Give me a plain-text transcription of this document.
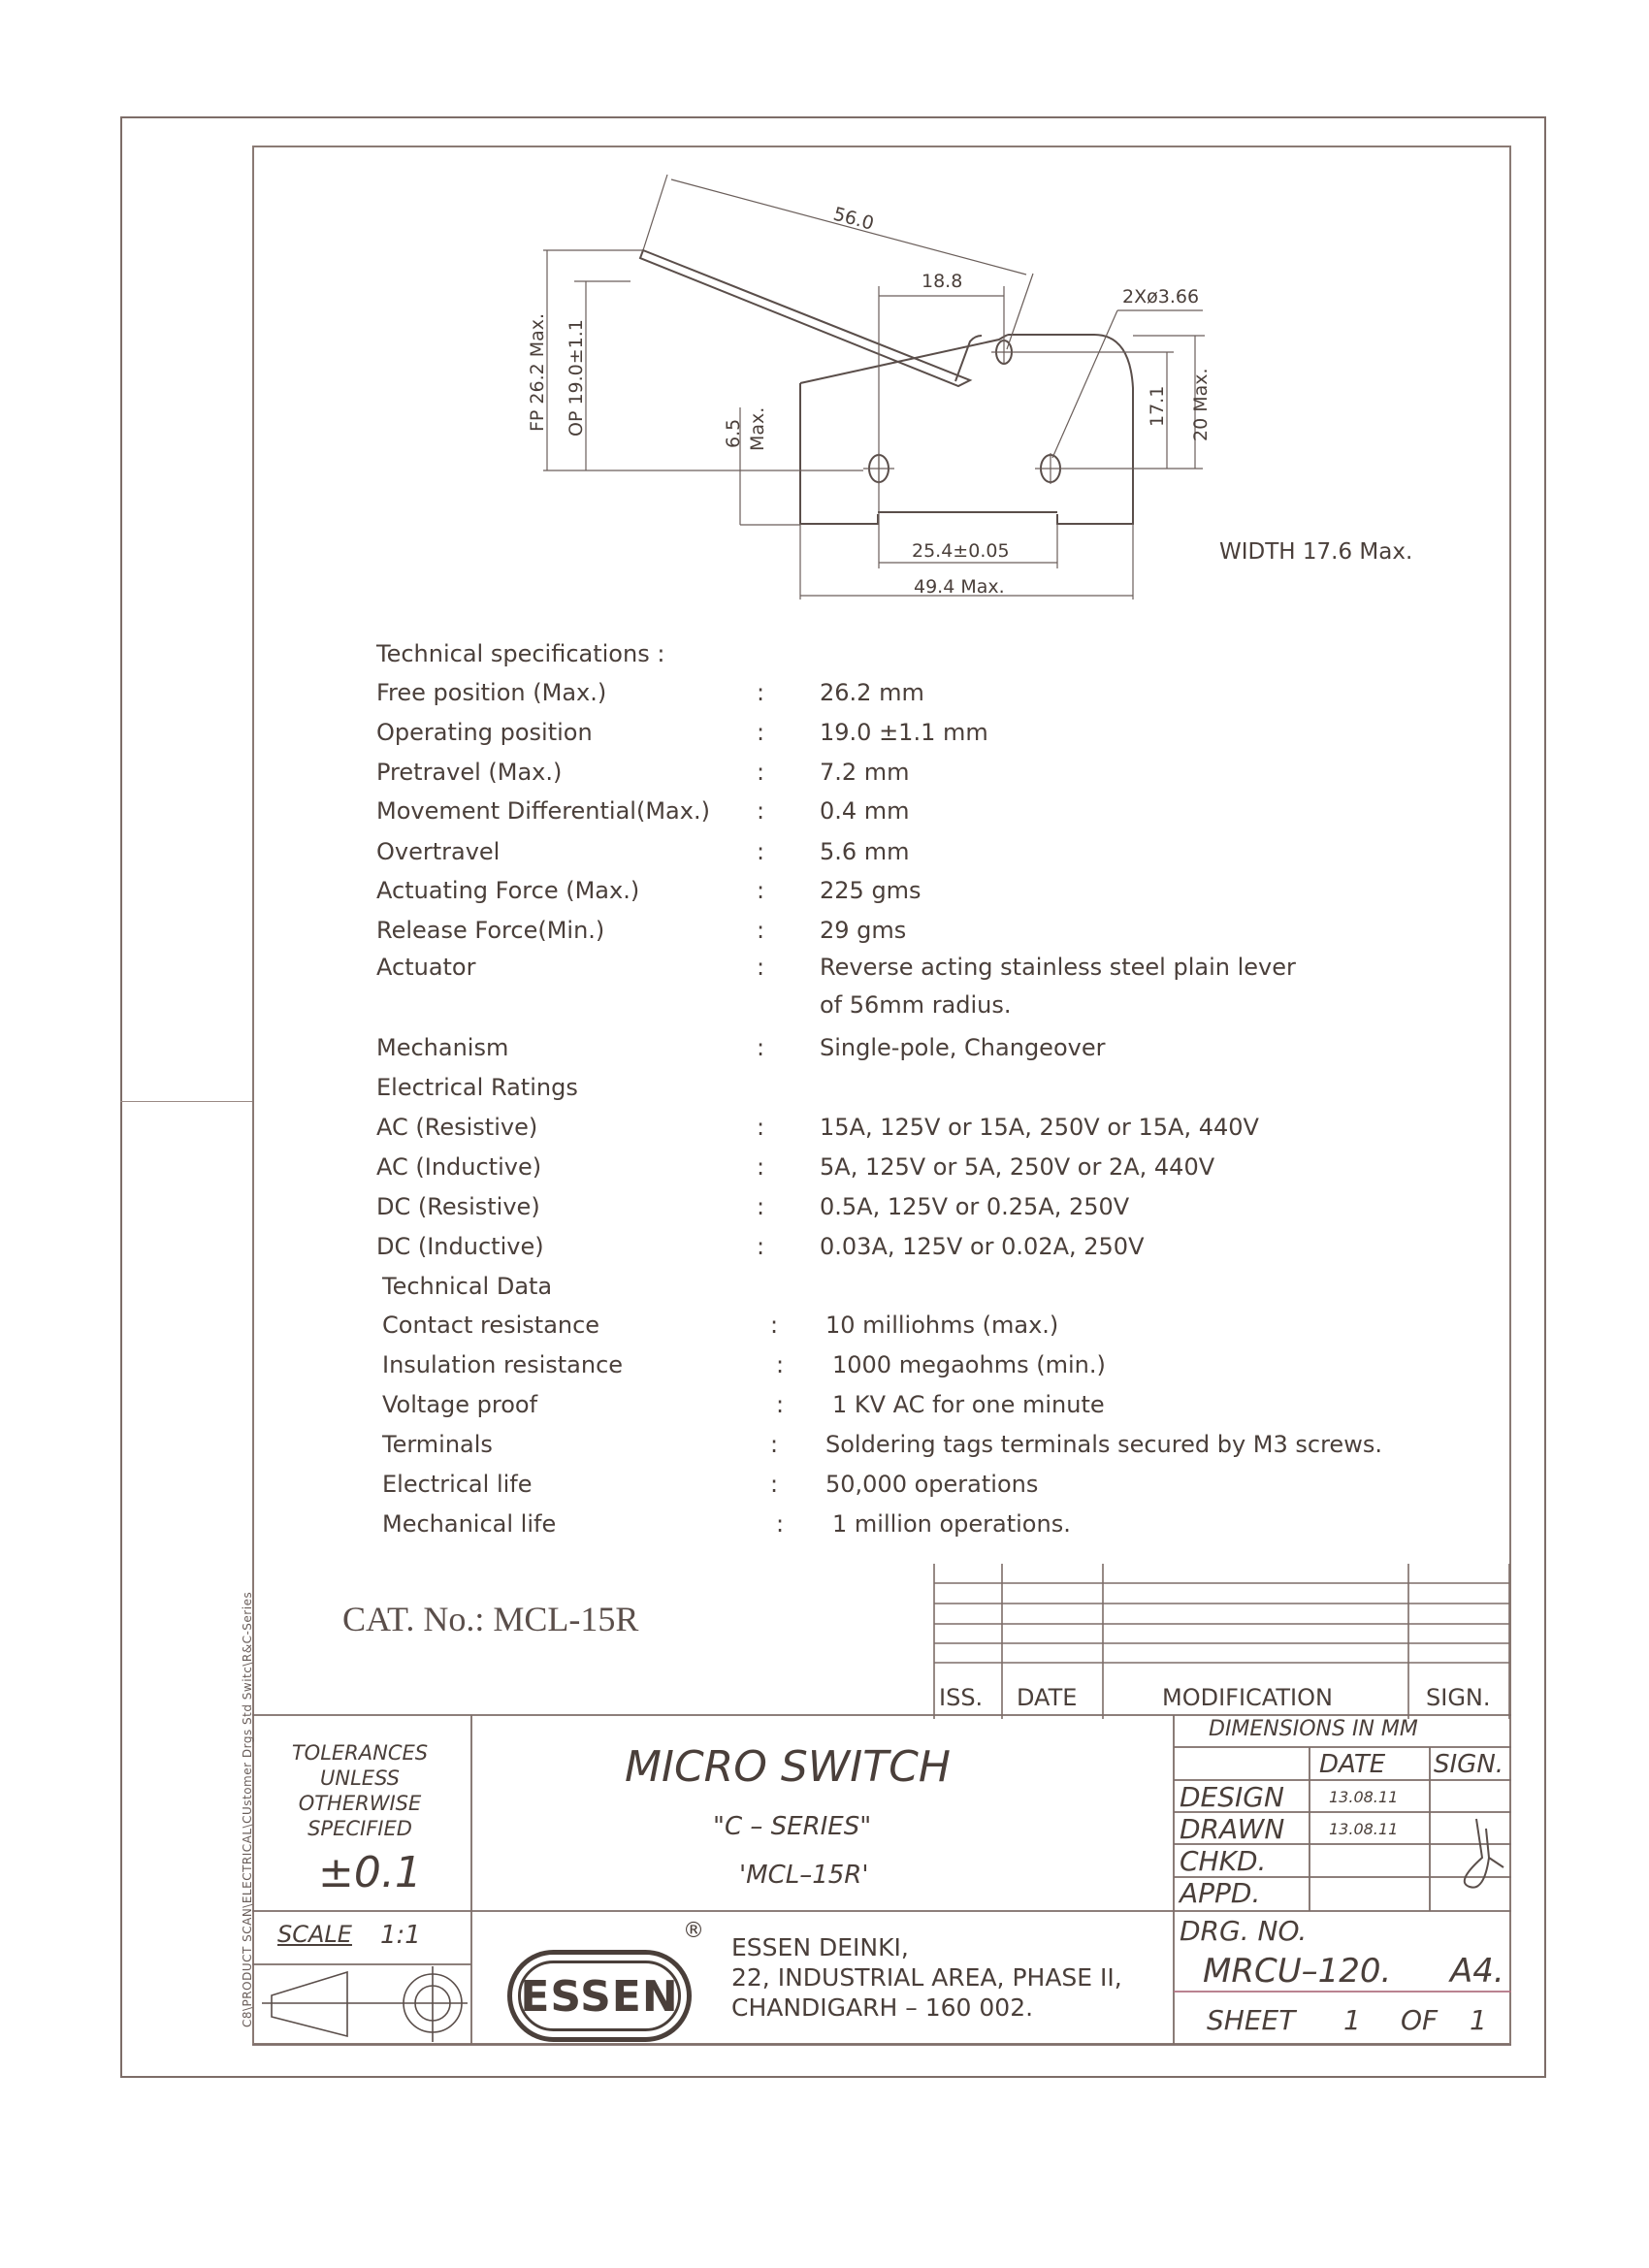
C8\PRODUCT SCAN\ELECTRICAL\CUstomer Drgs Std Switc\R&C-Series
56.0
18.8
2Xø3.66
FP 26.2 Max. OP 19.0±1.1	6.5 Max.
17.1 20 Max.
25.4±0.05
49.4 Max.
WIDTH 17.6 Max.
Technical specifications :
Free position (Max.)	: 26.2 mm
Operating position	: 19.0 ±1.1 mm
Pretravel (Max.)	: 7.2 mm
Movement Differential(Max.) : 0.4 mm
Overtravel	: 5.6 mm
Actuating Force (Max.)	: 225 gms
Release Force(Min.)	: 29 gms
Actuator	: Reverse acting stainless steel plain lever
of 56mm radius.
Mechanism	: Single-pole, Changeover
Electrical Ratings
AC (Resistive)	: 15A, 125V or 15A, 250V or 15A, 440V
AC (Inductive)	: 5A, 125V or 5A, 250V or 2A, 440V
DC (Resistive)	: 0.5A, 125V or 0.25A, 250V
DC (Inductive)	: 0.03A, 125V or 0.02A, 250V
Technical Data
Contact resistance	: 10 milliohms (max.)
Insulation resistance	: 1000 megaohms (min.)
Voltage proof	: 1 KV AC for one minute
Terminals	: Soldering tags terminals secured by M3 screws.
Electrical life	: 50,000 operations
Mechanical life	: 1 million operations.
CAT. No.: MCL-15R
ISS. DATE	MODIFICATION	SIGN.
TOLERANCES
UNLESS
OTHERWISE
SPECIFIED
±0.1
MICRO SWITCH
"C – SERIES"
'MCL–15R'
DIMENSIONS IN MM
DATE SIGN.
DESIGN	13.08.11
DRAWN	13.08.11
CHKD.
APPD.
SCALE 1:1
ESSEN
®
ESSEN DEINKI,
22, INDUSTRIAL AREA, PHASE II,
CHANDIGARH – 160 002.
DRG. NO.
MRCU–120. A4.
SHEET 1 OF 1
